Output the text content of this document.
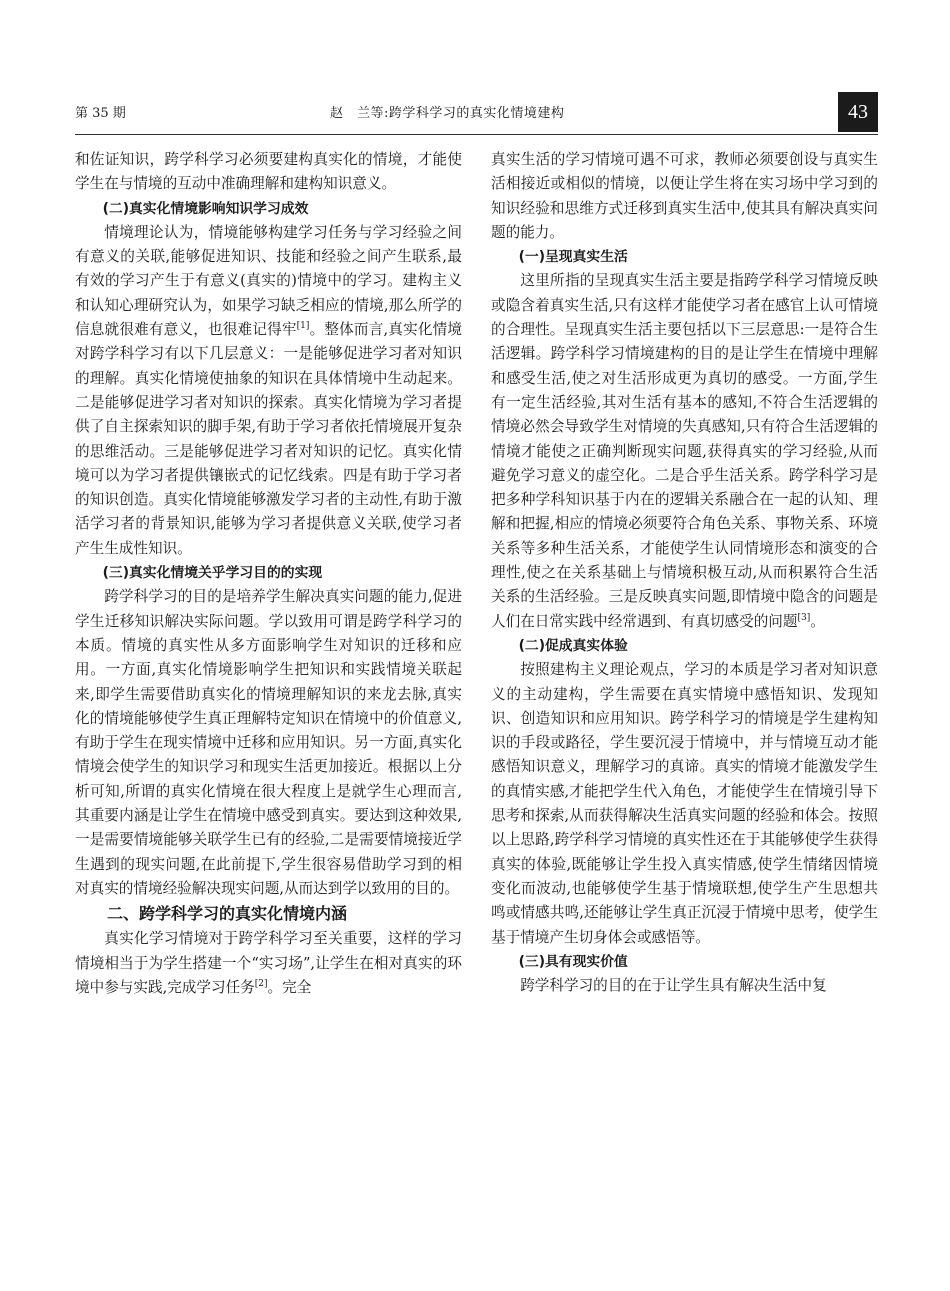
第 35 期	赵　兰等:跨学科学习的真实化情境建构	43

和佐证知识，跨学科学习必须要建构真实化的情境，才能使学生在与情境的互动中准确理解和建构知识意义。

(二)真实化情境影响知识学习成效

情境理论认为，情境能够构建学习任务与学习经验之间有意义的关联,能够促进知识、技能和经验之间产生联系,最有效的学习产生于有意义(真实的)情境中的学习。建构主义和认知心理研究认为，如果学习缺乏相应的情境,那么所学的信息就很难有意义，也很难记得牢[1]。整体而言,真实化情境对跨学科学习有以下几层意义：一是能够促进学习者对知识的理解。真实化情境使抽象的知识在具体情境中生动起来。二是能够促进学习者对知识的探索。真实化情境为学习者提供了自主探索知识的脚手架,有助于学习者依托情境展开复杂的思维活动。三是能够促进学习者对知识的记忆。真实化情境可以为学习者提供镶嵌式的记忆线索。四是有助于学习者的知识创造。真实化情境能够激发学习者的主动性,有助于激活学习者的背景知识,能够为学习者提供意义关联,使学习者产生生成性知识。

(三)真实化情境关乎学习目的的实现

跨学科学习的目的是培养学生解决真实问题的能力,促进学生迁移知识解决实际问题。学以致用可谓是跨学科学习的本质。情境的真实性从多方面影响学生对知识的迁移和应用。一方面,真实化情境影响学生把知识和实践情境关联起来,即学生需要借助真实化的情境理解知识的来龙去脉,真实化的情境能够使学生真正理解特定知识在情境中的价值意义,有助于学生在现实情境中迁移和应用知识。另一方面,真实化情境会使学生的知识学习和现实生活更加接近。根据以上分析可知,所谓的真实化情境在很大程度上是就学生心理而言,其重要内涵是让学生在情境中感受到真实。要达到这种效果,一是需要情境能够关联学生已有的经验,二是需要情境接近学生遇到的现实问题,在此前提下,学生很容易借助学习到的相对真实的情境经验解决现实问题,从而达到学以致用的目的。

二、跨学科学习的真实化情境内涵

真实化学习情境对于跨学科学习至关重要，这样的学习情境相当于为学生搭建一个“实习场”,让学生在相对真实的环境中参与实践,完成学习任务[2]。完全

真实生活的学习情境可遇不可求，教师必须要创设与真实生活相接近或相似的情境，以便让学生将在实习场中学习到的知识经验和思维方式迁移到真实生活中,使其具有解决真实问题的能力。

(一)呈现真实生活

这里所指的呈现真实生活主要是指跨学科学习情境反映或隐含着真实生活,只有这样才能使学习者在感官上认可情境的合理性。呈现真实生活主要包括以下三层意思:一是符合生活逻辑。跨学科学习情境建构的目的是让学生在情境中理解和感受生活,使之对生活形成更为真切的感受。一方面,学生有一定生活经验,其对生活有基本的感知,不符合生活逻辑的情境必然会导致学生对情境的失真感知,只有符合生活逻辑的情境才能使之正确判断现实问题,获得真实的学习经验,从而避免学习意义的虚空化。二是合乎生活关系。跨学科学习是把多种学科知识基于内在的逻辑关系融合在一起的认知、理解和把握,相应的情境必须要符合角色关系、事物关系、环境关系等多种生活关系，才能使学生认同情境形态和演变的合理性,使之在关系基础上与情境积极互动,从而积累符合生活关系的生活经验。三是反映真实问题,即情境中隐含的问题是人们在日常实践中经常遇到、有真切感受的问题[3]。

(二)促成真实体验

按照建构主义理论观点，学习的本质是学习者对知识意义的主动建构，学生需要在真实情境中感悟知识、发现知识、创造知识和应用知识。跨学科学习的情境是学生建构知识的手段或路径，学生要沉浸于情境中，并与情境互动才能感悟知识意义，理解学习的真谛。真实的情境才能激发学生的真情实感,才能把学生代入角色，才能使学生在情境引导下思考和探索,从而获得解决生活真实问题的经验和体会。按照以上思路,跨学科学习情境的真实性还在于其能够使学生获得真实的体验,既能够让学生投入真实情感,使学生情绪因情境变化而波动,也能够使学生基于情境联想,使学生产生思想共鸣或情感共鸣,还能够让学生真正沉浸于情境中思考，使学生基于情境产生切身体会或感悟等。

(三)具有现实价值

跨学科学习的目的在于让学生具有解决生活中复
